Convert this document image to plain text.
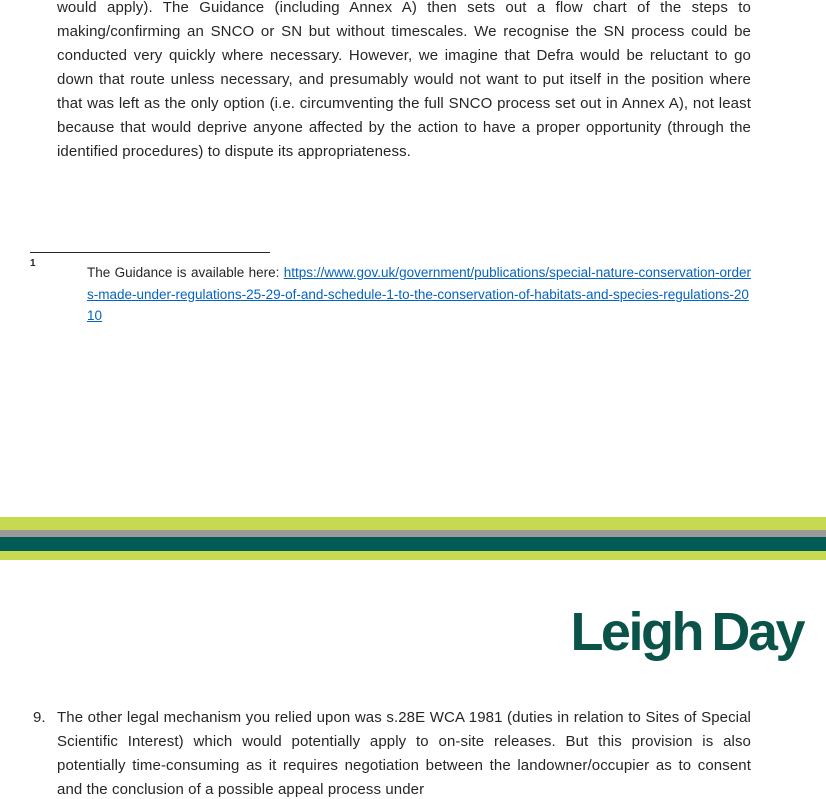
would apply). The Guidance (including Annex A) then sets out a flow chart of the steps to making/confirming an SNCO or SN but without timescales. We recognise the SN process could be conducted very quickly where necessary. However, we imagine that Defra would be reluctant to go down that route unless necessary, and presumably would not want to put itself in the position where that was left as the only option (i.e. circumventing the full SNCO process set out in Annex A), not least because that would deprive anyone affected by the action to have a proper opportunity (through the identified procedures) to dispute its appropriateness.
1
The Guidance is available here: https://www.gov.uk/government/publications/special-nature-conservation-orders-made-under-regulations-25-29-of-and-schedule-1-to-the-conservation-of-habitats-and-species-regulations-2010
Leigh Day
9. The other legal mechanism you relied upon was s.28E WCA 1981 (duties in relation to Sites of Special Scientific Interest) which would potentially apply to on-site releases. But this provision is also potentially time-consuming as it requires negotiation between the landowner/occupier as to consent and the conclusion of a possible appeal process under
